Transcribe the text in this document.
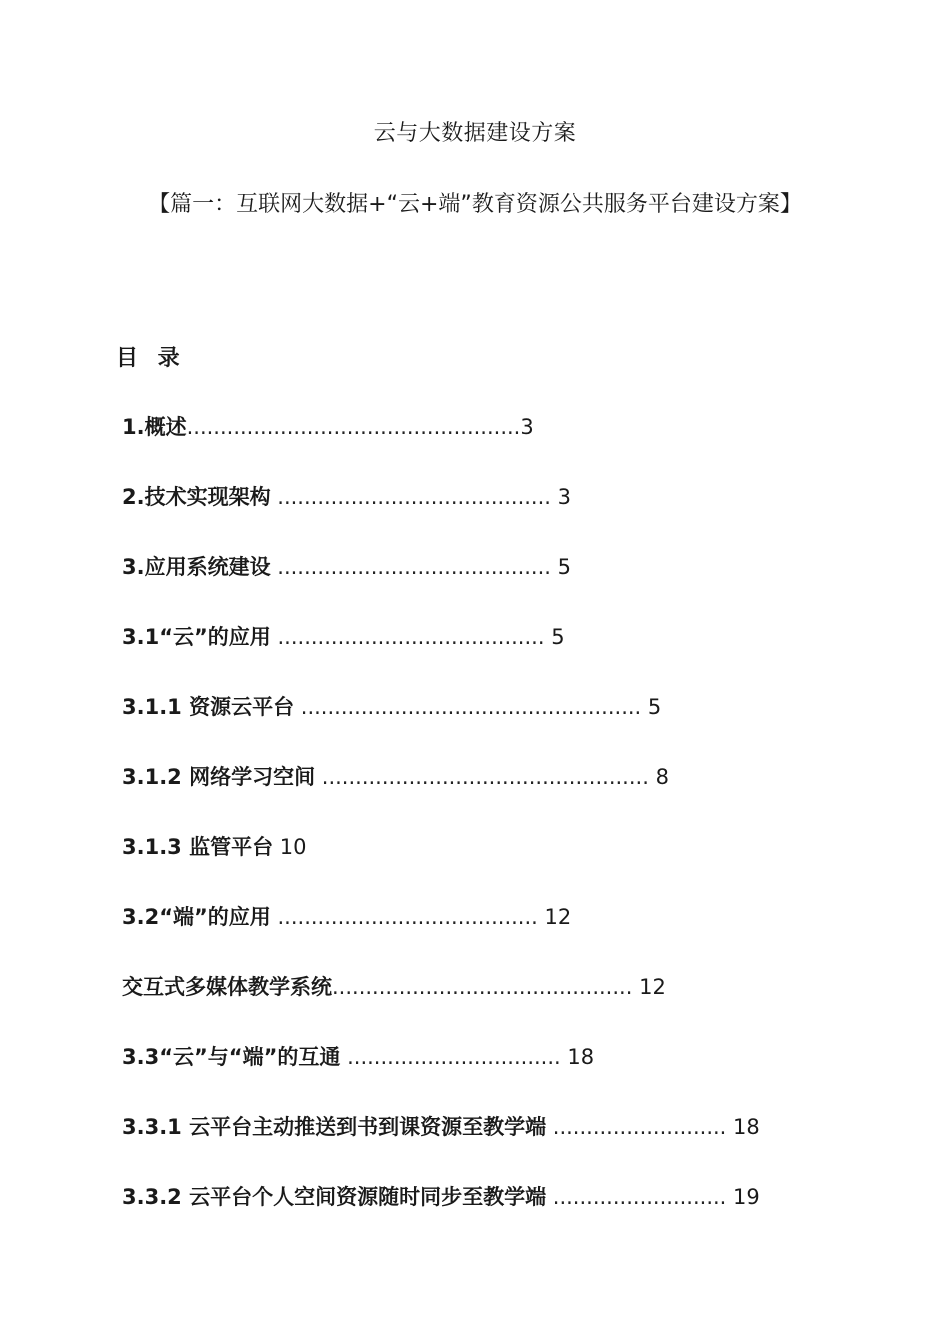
云与大数据建设方案
【篇一：互联网大数据+“云+端”教育资源公共服务平台建设方案】
目 录
1.概述..................................................3
2.技术实现架构 ......................................... 3
3.应用系统建设 ......................................... 5
3.1“云”的应用 ........................................ 5
3.1.1 资源云平台 ................................................... 5
3.1.2 网络学习空间 ................................................. 8
3.1.3 监管平台 10
3.2“端”的应用 ....................................... 12
交互式多媒体教学系统............................................. 12
3.3“云”与“端”的互通 ................................ 18
3.3.1 云平台主动推送到书到课资源至教学端 .......................... 18
3.3.2 云平台个人空间资源随时同步至教学端 .......................... 19
